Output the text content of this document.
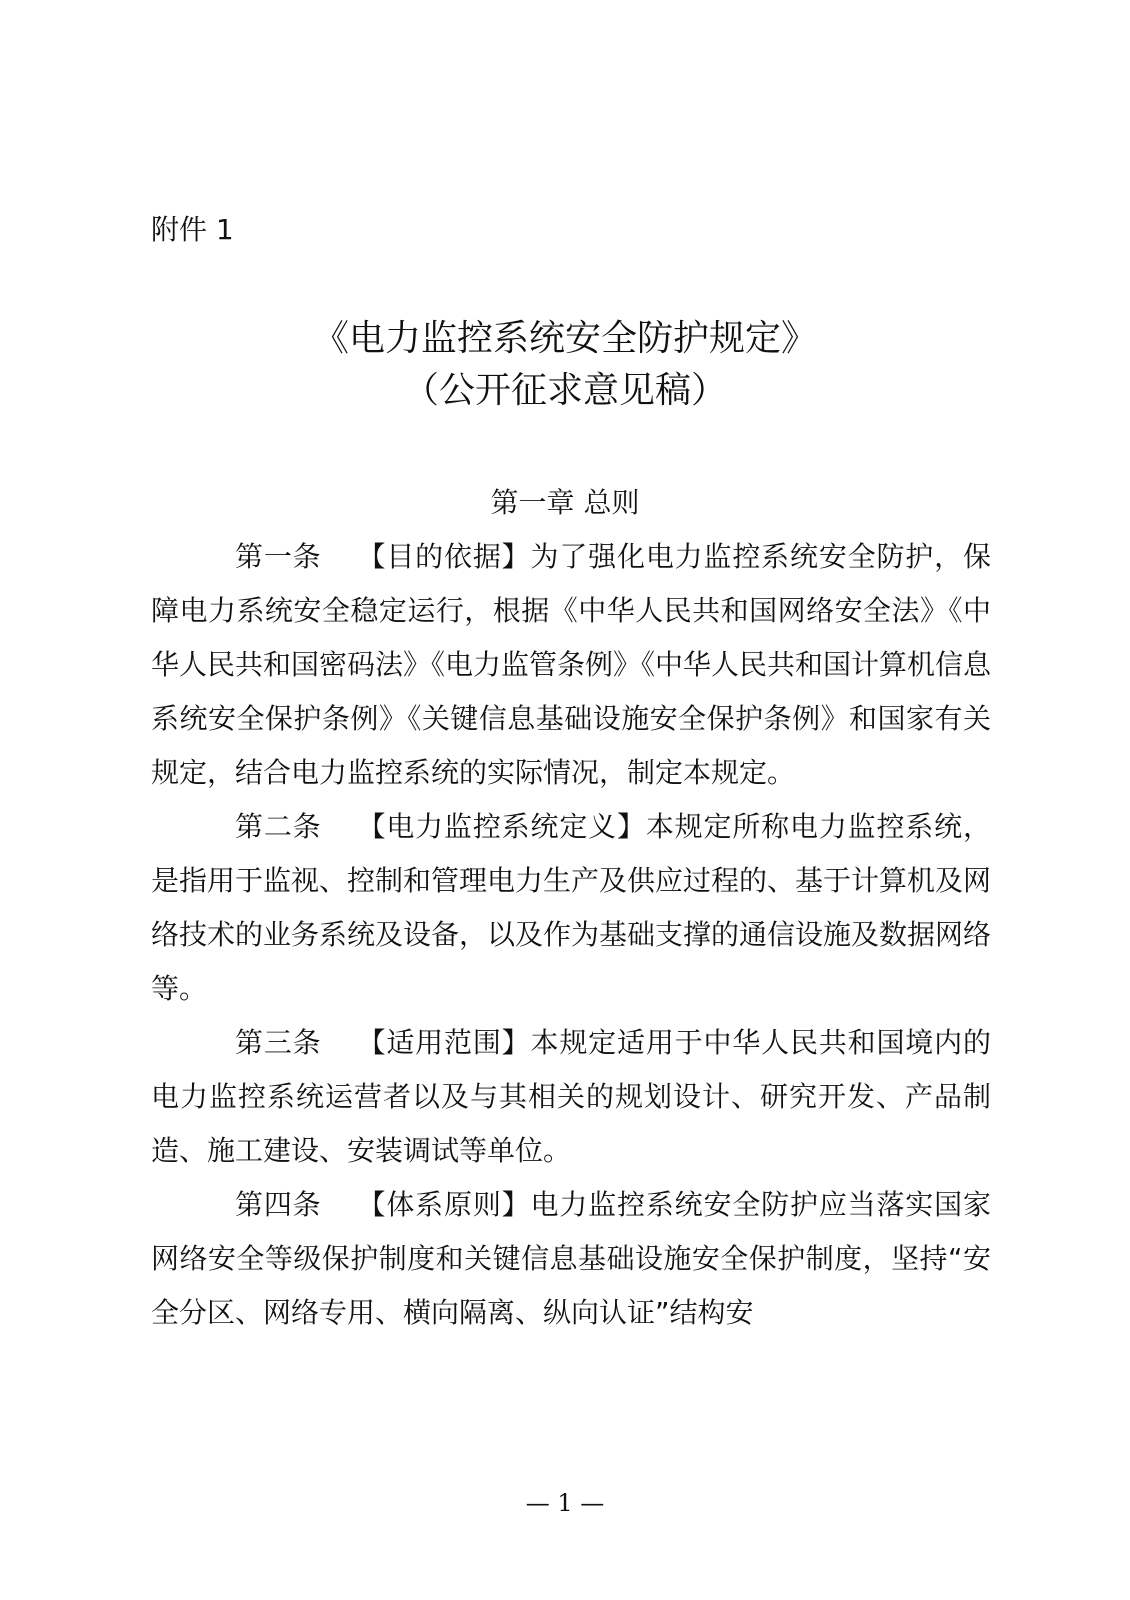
附件 1
《电力监控系统安全防护规定》
（公开征求意见稿）
第一章 总则

第一条 【目的依据】为了强化电力监控系统安全防护，保障电力系统安全稳定运行，根据《中华人民共和国网络安全法》《中华人民共和国密码法》《电力监管条例》《中华人民共和国计算机信息系统安全保护条例》《关键信息基础设施安全保护条例》和国家有关规定，结合电力监控系统的实际情况，制定本规定。

第二条 【电力监控系统定义】本规定所称电力监控系统，是指用于监视、控制和管理电力生产及供应过程的、基于计算机及网络技术的业务系统及设备，以及作为基础支撑的通信设施及数据网络等。

第三条 【适用范围】本规定适用于中华人民共和国境内的电力监控系统运营者以及与其相关的规划设计、研究开发、产品制造、施工建设、安装调试等单位。

第四条 【体系原则】电力监控系统安全防护应当落实国家网络安全等级保护制度和关键信息基础设施安全保护制度，坚持“安全分区、网络专用、横向隔离、纵向认证”结构安

— 1 —
